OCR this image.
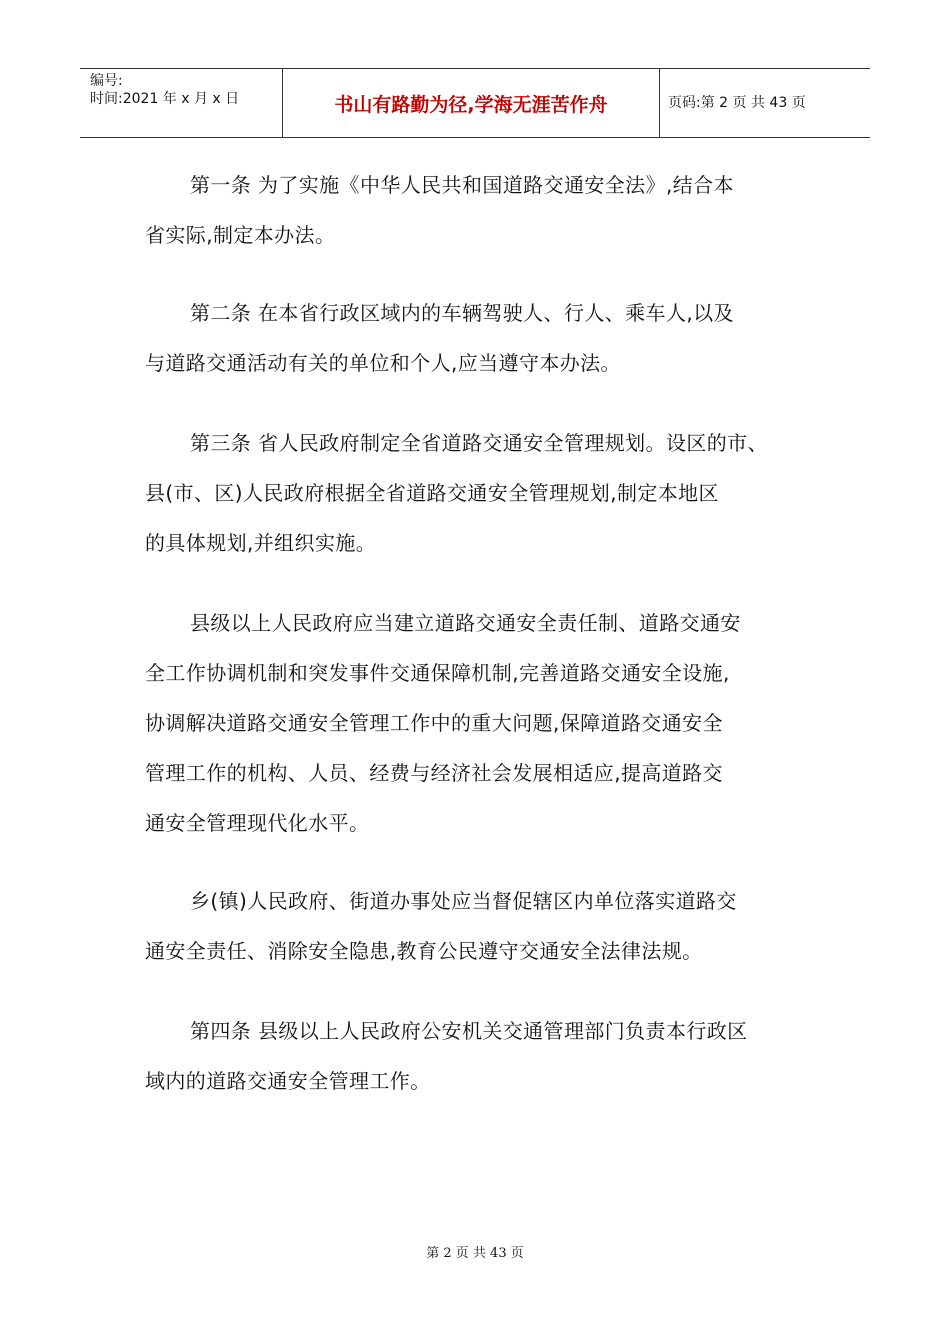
编号:
时间:2021 年 x 月 x 日	书山有路勤为径,学海无涯苦作舟	页码:第 2 页 共 43 页
第一条 为了实施《中华人民共和国道路交通安全法》,结合本
省实际,制定本办法。
第二条 在本省行政区域内的车辆驾驶人、行人、乘车人,以及
与道路交通活动有关的单位和个人,应当遵守本办法。
第三条 省人民政府制定全省道路交通安全管理规划。设区的市、
县(市、区)人民政府根据全省道路交通安全管理规划,制定本地区
的具体规划,并组织实施。
县级以上人民政府应当建立道路交通安全责任制、道路交通安
全工作协调机制和突发事件交通保障机制,完善道路交通安全设施,
协调解决道路交通安全管理工作中的重大问题,保障道路交通安全
管理工作的机构、人员、经费与经济社会发展相适应,提高道路交
通安全管理现代化水平。
乡(镇)人民政府、街道办事处应当督促辖区内单位落实道路交
通安全责任、消除安全隐患,教育公民遵守交通安全法律法规。
第四条 县级以上人民政府公安机关交通管理部门负责本行政区
域内的道路交通安全管理工作。
第 2 页 共 43 页
